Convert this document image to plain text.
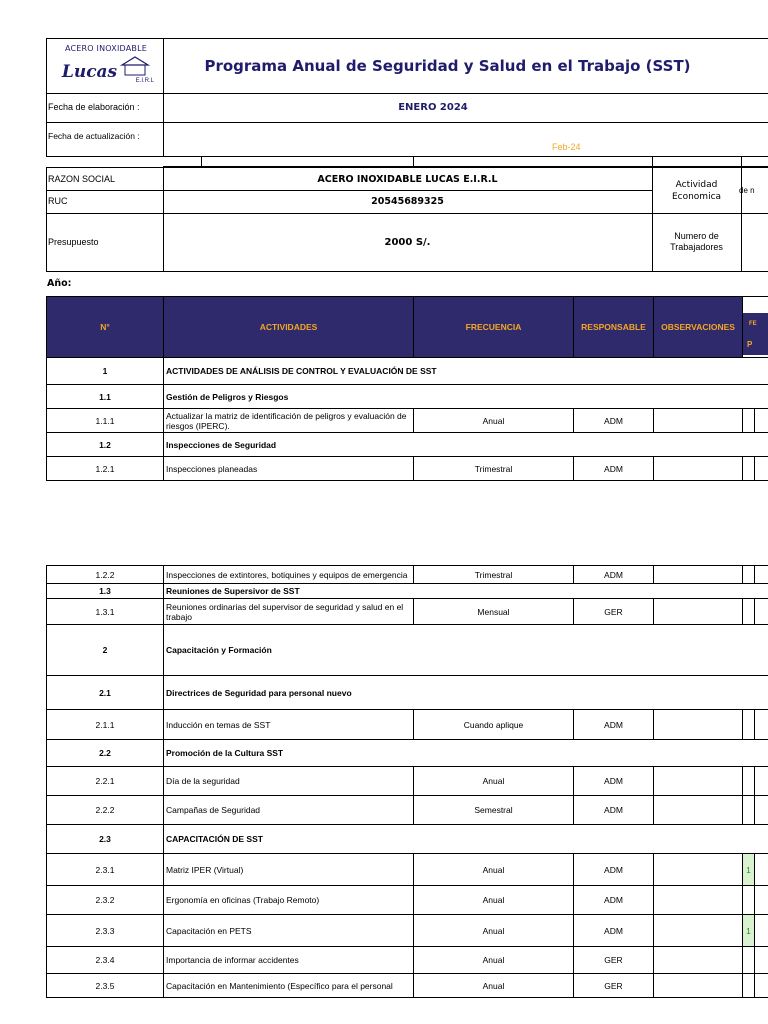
ACERO INOXIDABLE
Lucas	E.I.R.L
Programa Anual de Seguridad y Salud en el Trabajo (SST)
Fecha de elaboración :	ENERO 2024
Fecha de actualización :
Feb-24
RAZON SOCIAL	ACERO INOXIDABLE LUCAS E.I.R.L
RUC	20545689325
Actividad Economica
de n
Presupuesto	2000 S/.
Numero de Trabajadores
Año:
N°	ACTIVIDADES	FRECUENCIA	RESPONSABLE	OBSERVACIONES	FE
P
1	ACTIVIDADES DE ANÁLISIS DE CONTROL Y EVALUACIÓN DE SST					
1.1	Gestión de Peligros y Riesgos					
1.1.1	Actualizar la matriz de identificación de peligros y evaluación de riesgos (IPERC).	Anual	ADM			
1.2	Inspecciones de Seguridad					
1.2.1	Inspecciones planeadas	Trimestral	ADM			
1.2.2	Inspecciones de extintores, botiquines y equipos de emergencia	Trimestral	ADM			
1.3	Reuniones de Supersivor de SST					
1.3.1	Reuniones ordinarias del supervisor de seguridad y salud en el trabajo	Mensual	GER			
2	Capacitación y Formación					
2.1	Directrices de Seguridad para personal nuevo					
2.1.1	Inducción en temas de SST	Cuando aplique	ADM			
2.2	Promoción de la Cultura SST					
2.2.1	Día de la seguridad	Anual	ADM			
2.2.2	Campañas de Seguridad	Semestral	ADM			
2.3	CAPACITACIÓN DE SST					
2.3.1	Matriz IPER (Virtual)	Anual	ADM		1	
2.3.2	Ergonomía en oficinas (Trabajo Remoto)	Anual	ADM			
2.3.3	Capacitación en PETS	Anual	ADM		1	
2.3.4	Importancia de informar accidentes	Anual	GER			
2.3.5	Capacitación en Mantenimiento (Específico para el personal	Anual	GER			
